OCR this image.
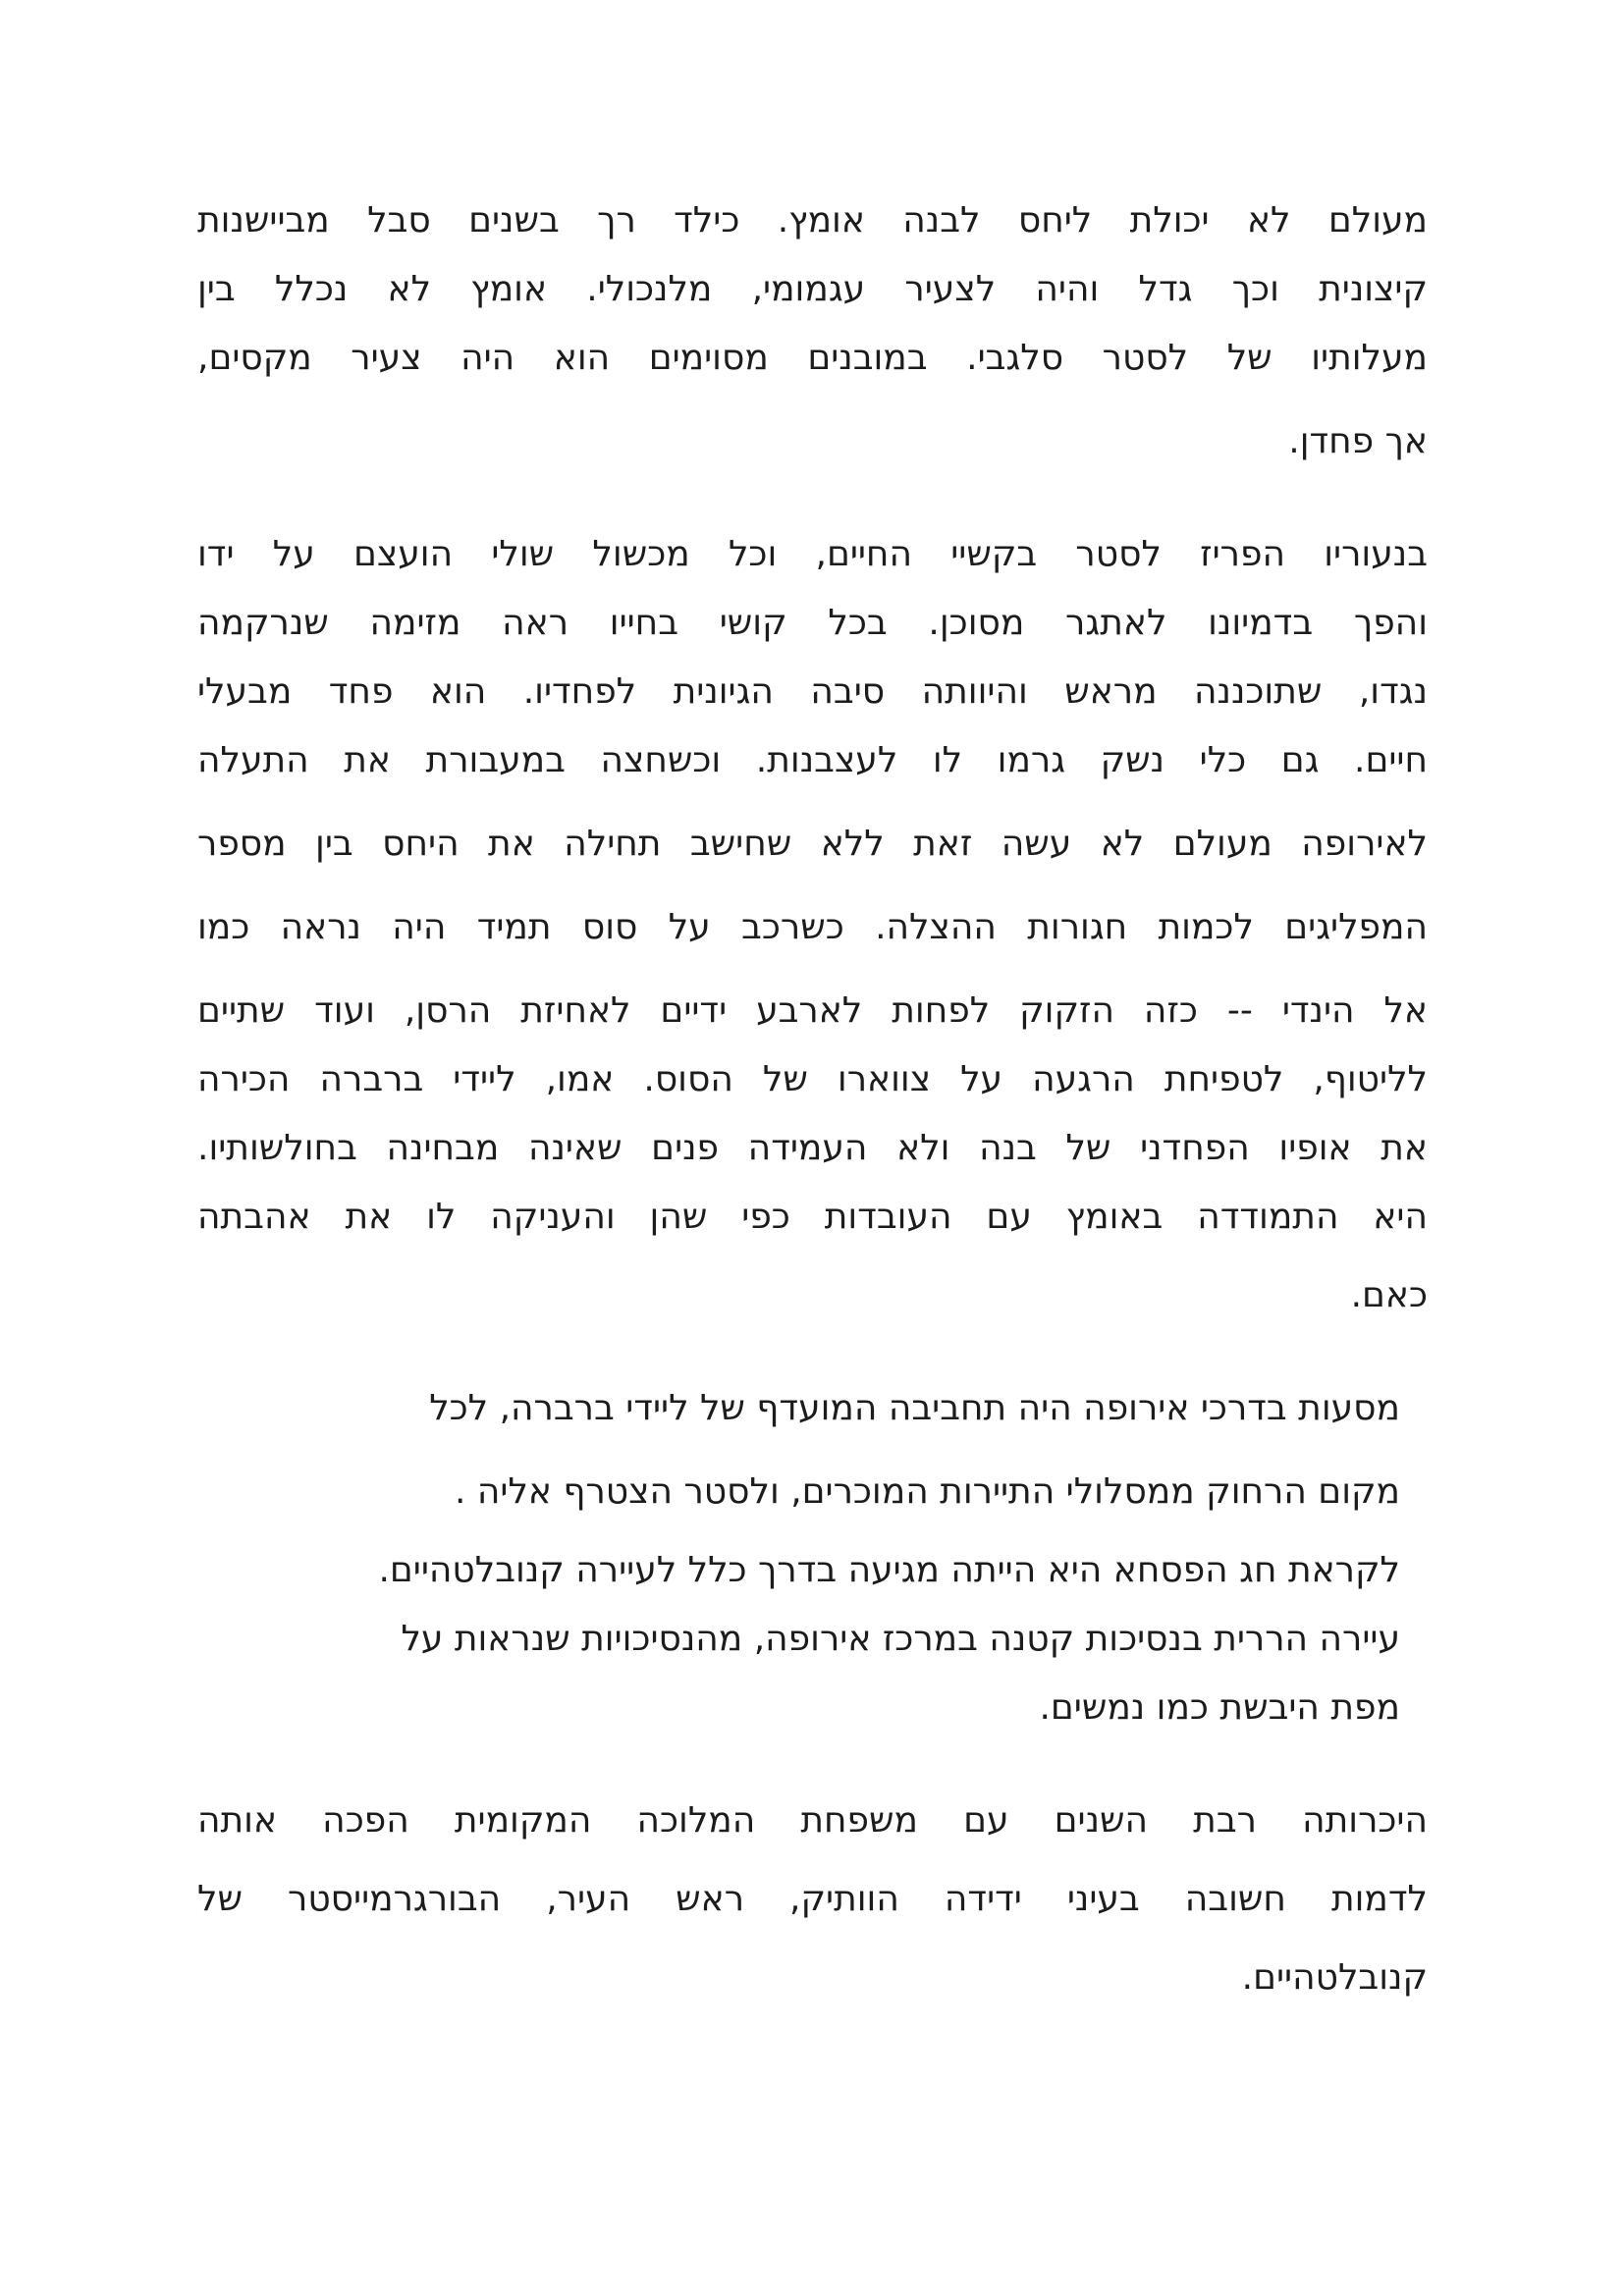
מעולם לא יכולת ליחס לבנה אומץ. כילד רך בשנים סבל מביישנות
קיצונית וכך גדל והיה לצעיר עגמומי, מלנכולי. אומץ לא נכלל בין
מעלותיו של לסטר סלגבי. במובנים מסוימים הוא היה צעיר מקסים,
אך פחדן.
בנעוריו הפריז לסטר בקשיי החיים, וכל מכשול שולי הועצם על ידו
והפך בדמיונו לאתגר מסוכן. בכל קושי בחייו ראה מזימה שנרקמה
נגדו, שתוכננה מראש והיוותה סיבה הגיונית לפחדיו. הוא פחד מבעלי
חיים. גם כלי נשק גרמו לו לעצבנות. וכשחצה במעבורת את התעלה
לאירופה מעולם לא עשה זאת ללא שחישב תחילה את היחס בין מספר
המפליגים לכמות חגורות ההצלה. כשרכב על סוס תמיד היה נראה כמו
אל הינדי -- כזה הזקוק לפחות לארבע ידיים לאחיזת הרסן, ועוד שתיים
לליטוף, לטפיחת הרגעה על צווארו של הסוס. אמו, ליידי ברברה הכירה
את אופיו הפחדני של בנה ולא העמידה פנים שאינה מבחינה בחולשותיו.
היא התמודדה באומץ עם העובדות כפי שהן והעניקה לו את אהבתה
כאם.
מסעות בדרכי אירופה היה תחביבה המועדף של ליידי ברברה, לכל
מקום הרחוק ממסלולי התיירות המוכרים, ולסטר הצטרף אליה .
לקראת חג הפסחא היא הייתה מגיעה בדרך כלל לעיירה קנובלטהיים.
עיירה הררית בנסיכות קטנה במרכז אירופה, מהנסיכויות שנראות על
מפת היבשת כמו נמשים.
היכרותה רבת השנים עם משפחת המלוכה המקומית הפכה אותה
לדמות חשובה בעיני ידידה הוותיק, ראש העיר, הבורגרמייסטר של
קנובלטהיים.
